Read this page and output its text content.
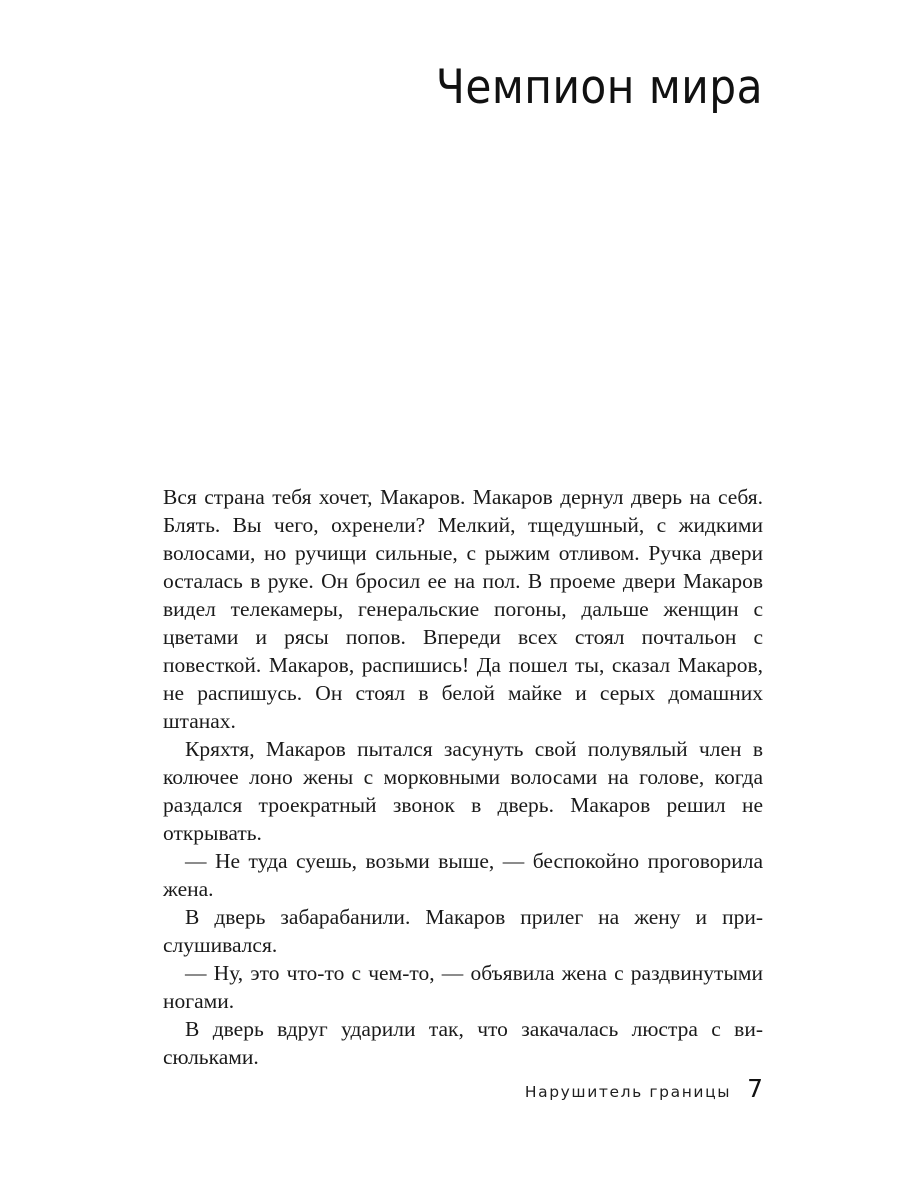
Чемпион мира

Вся страна тебя хочет, Макаров. Макаров дернул дверь на себя. Блять. Вы чего, охренели? Мелкий, тщедушный, с жидкими волосами, но ручищи сильные, с рыжим отливом. Ручка двери осталась в руке. Он бросил ее на пол. В проеме двери Макаров видел телекамеры, генеральские погоны, дальше женщин с цветами и рясы попов. Впереди всех стоял почтальон с повесткой. Макаров, распишись! Да пошел ты, сказал Макаров, не распишусь. Он стоял в белой майке и серых домашних штанах.

Кряхтя, Макаров пытался засунуть свой полувялый член в колючее лоно жены с морковными волосами на голове, когда раздался троекратный звонок в дверь. Макаров решил не открывать.

— Не туда суешь, возьми выше, — беспокойно проговорила жена.

В дверь забарабанили. Макаров прилег на жену и прислушивался.

— Ну, это что-то с чем-то, — объявила жена с раздвинутыми ногами.

В дверь вдруг ударили так, что закачалась люстра с висюльками.

Нарушитель границы 7
